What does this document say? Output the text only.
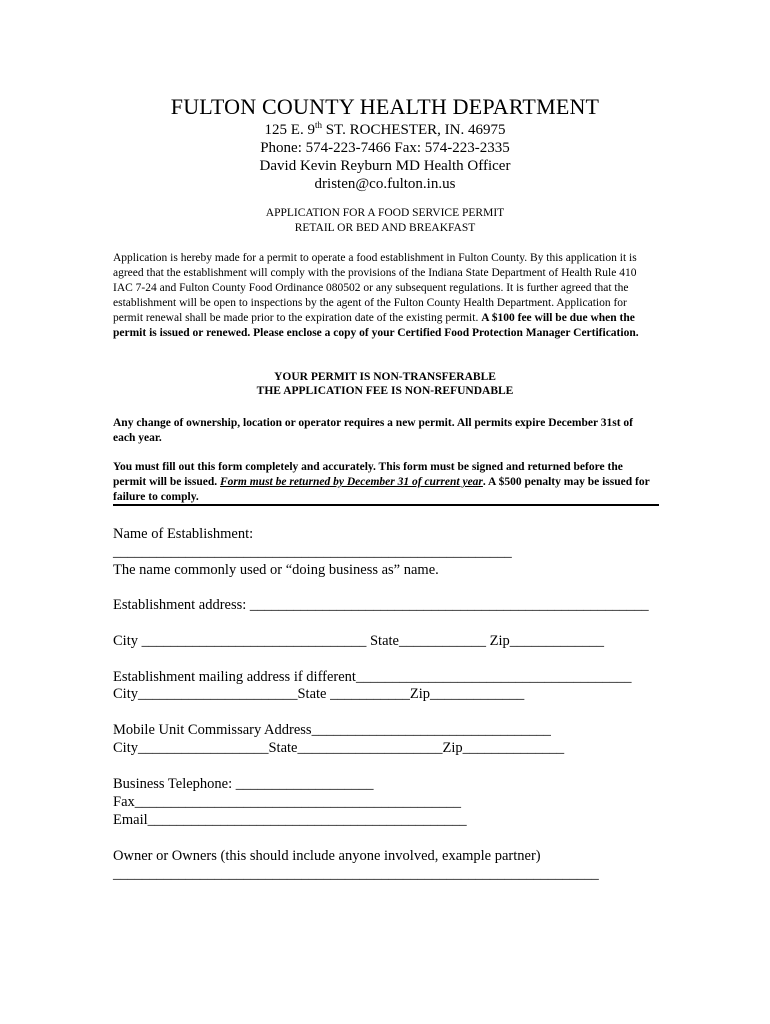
FULTON COUNTY HEALTH DEPARTMENT
125 E. 9th ST. ROCHESTER, IN. 46975
Phone: 574-223-7466 Fax: 574-223-2335
David Kevin Reyburn MD Health Officer
dristen@co.fulton.in.us
APPLICATION FOR A FOOD SERVICE PERMIT
RETAIL OR BED AND BREAKFAST
Application is hereby made for a permit to operate a food establishment in Fulton County. By this application it is agreed that the establishment will comply with the provisions of the Indiana State Department of Health Rule 410 IAC 7-24 and Fulton County Food Ordinance 080502 or any subsequent regulations. It is further agreed that the establishment will be open to inspections by the agent of the Fulton County Health Department. Application for permit renewal shall be made prior to the expiration date of the existing permit. A $100 fee will be due when the permit is issued or renewed. Please enclose a copy of your Certified Food Protection Manager Certification.
YOUR PERMIT IS NON-TRANSFERABLE
THE APPLICATION FEE IS NON-REFUNDABLE
Any change of ownership, location or operator requires a new permit. All permits expire December 31st of each year.
You must fill out this form completely and accurately. This form must be signed and returned before the permit will be issued. Form must be returned by December 31 of current year. A $500 penalty may be issued for failure to comply.
Name of Establishment:
_______________________________________________________
The name commonly used or “doing business as” name.
Establishment address: _______________________________________________________
City _______________________________ State____________ Zip_____________
Establishment mailing address if different______________________________________
City______________________State ___________Zip_____________
Mobile Unit Commissary Address_________________________________
City__________________State____________________Zip______________
Business Telephone: ___________________
Fax_____________________________________________
Email____________________________________________
Owner or Owners (this should include anyone involved, example partner)
___________________________________________________________________
